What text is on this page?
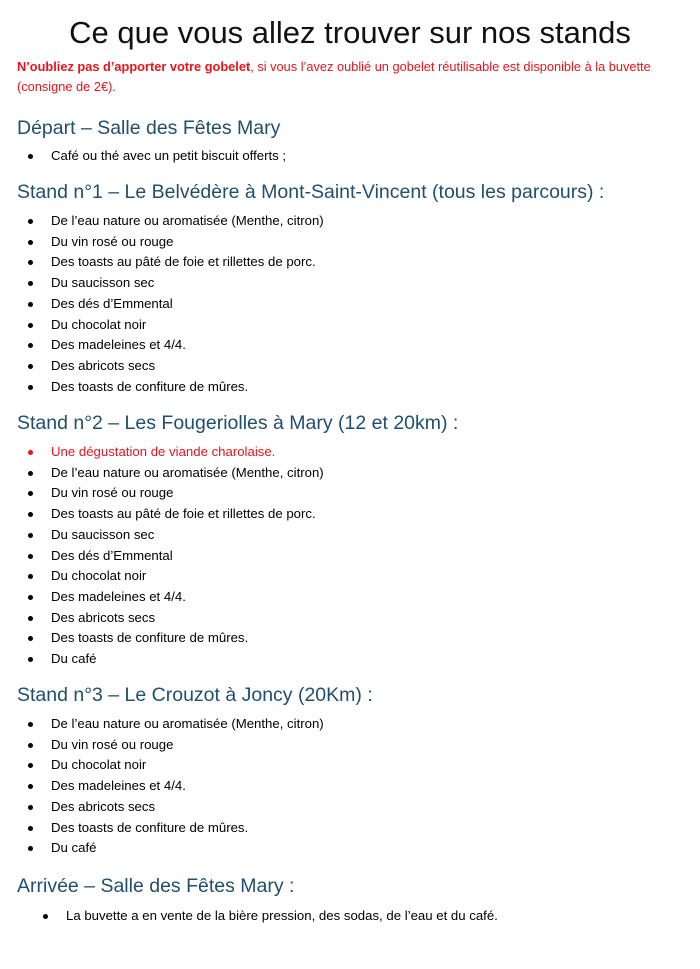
Ce que vous allez trouver sur nos stands
N’oubliez pas d’apporter votre gobelet, si vous l’avez oublié un gobelet réutilisable est disponible à la buvette (consigne de 2€).
Départ – Salle des Fêtes Mary
Café ou thé avec un petit biscuit offerts ;
Stand n°1 – Le Belvédère à Mont-Saint-Vincent (tous les parcours) :
De l’eau nature ou aromatisée (Menthe, citron)
Du vin rosé ou rouge
Des toasts au pâté de foie et rillettes de porc.
Du saucisson sec
Des dés d’Emmental
Du chocolat noir
Des madeleines et 4/4.
Des abricots secs
Des toasts de confiture de mûres.
Stand n°2 – Les Fougeriolles à Mary (12 et 20km) :
Une dégustation de viande charolaise.
De l’eau nature ou aromatisée (Menthe, citron)
Du vin rosé ou rouge
Des toasts au pâté de foie et rillettes de porc.
Du saucisson sec
Des dés d’Emmental
Du chocolat noir
Des madeleines et 4/4.
Des abricots secs
Des toasts de confiture de mûres.
Du café
Stand n°3 – Le Crouzot à Joncy (20Km) :
De l’eau nature ou aromatisée (Menthe, citron)
Du vin rosé ou rouge
Du chocolat noir
Des madeleines et 4/4.
Des abricots secs
Des toasts de confiture de mûres.
Du café
Arrivée – Salle des Fêtes Mary :
La buvette a en vente de la bière pression, des sodas, de l’eau et du café.
